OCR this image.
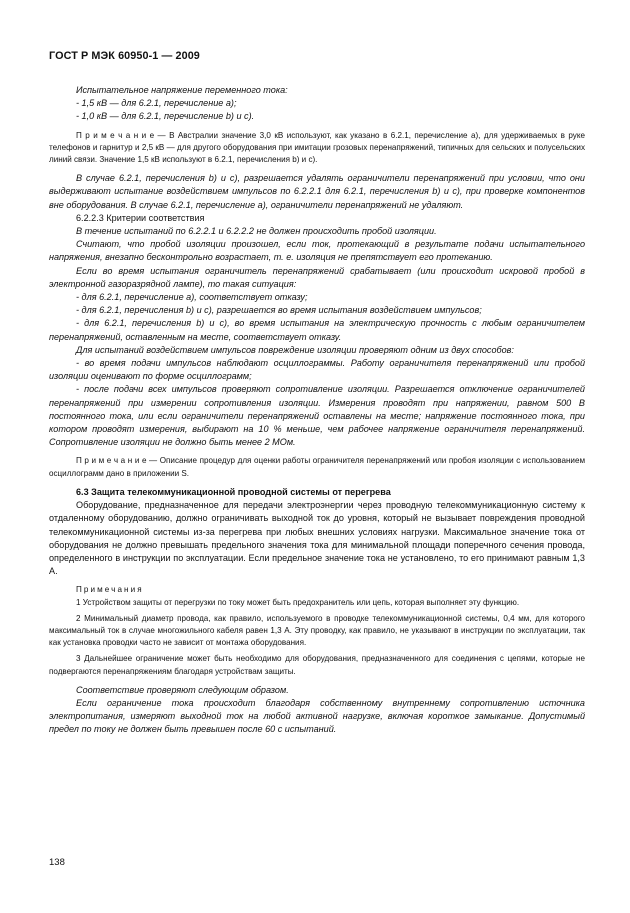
ГОСТ Р МЭК 60950-1 — 2009

Испытательное напряжение переменного тока:

- 1,5 кВ — для 6.2.1, перечисление а);

- 1,0 кВ — для 6.2.1, перечисление b) и с).

П р и м е ч а н и е — В Австралии значение 3,0 кВ используют, как указано в 6.2.1, перечисление а), для удерживаемых в руке телефонов и гарнитур и 2,5 кВ — для другого оборудования при имитации грозовых перенапряжений, типичных для сельских и полусельских линий связи. Значение 1,5 кВ используют в 6.2.1, перечисления b) и с).

В случае 6.2.1, перечисления b) и с), разрешается удалять ограничители перенапряжений при условии, что они выдерживают испытание воздействием импульсов по 6.2.2.1 для 6.2.1, перечисления b) и с), при проверке компонентов вне оборудования. В случае 6.2.1, перечисление а), ограничители перенапряжений не удаляют.

6.2.2.3 Критерии соответствия

В течение испытаний по 6.2.2.1 и 6.2.2.2 не должен происходить пробой изоляции.

Считают, что пробой изоляции произошел, если ток, протекающий в результате подачи испытательного напряжения, внезапно бесконтрольно возрастает, т. е. изоляция не препятствует его протеканию.

Если во время испытания ограничитель перенапряжений срабатывает (или происходит искровой пробой в электронной газоразрядной лампе), то такая ситуация:

- для 6.2.1, перечисление а), соответствует отказу;

- для 6.2.1, перечисления b) и с), разрешается во время испытания воздействием импульсов;

- для 6.2.1, перечисления b) и с), во время испытания на электрическую прочность с любым ограничителем перенапряжений, оставленным на месте, соответствует отказу.

Для испытаний воздействием импульсов повреждение изоляции проверяют одним из двух способов:

- во время подачи импульсов наблюдают осциллограммы. Работу ограничителя перенапряжений или пробой изоляции оценивают по форме осциллограмм;

- после подачи всех импульсов проверяют сопротивление изоляции. Разрешается отключение ограничителей перенапряжений при измерении сопротивления изоляции. Измерения проводят при напряжении, равном 500 В постоянного тока, или если ограничители перенапряжений оставлены на месте; напряжение постоянного тока, при котором проводят измерения, выбирают на 10 % меньше, чем рабочее напряжение ограничителя перенапряжений. Сопротивление изоляции не должно быть менее 2 МОм.

П р и м е ч а н и е — Описание процедур для оценки работы ограничителя перенапряжений или пробоя изоляции с использованием осциллограмм дано в приложении S.

6.3 Защита телекоммуникационной проводной системы от перегрева

Оборудование, предназначенное для передачи электроэнергии через проводную телекоммуникационную систему к отдаленному оборудованию, должно ограничивать выходной ток до уровня, который не вызывает повреждения проводной телекоммуникационной системы из-за перегрева при любых внешних условиях нагрузки. Максимальное значение тока от оборудования не должно превышать предельного значения тока для минимальной площади поперечного сечения провода, определенного в инструкции по эксплуатации. Если предельное значение тока не установлено, то его принимают равным 1,3 А.

Примечания

1 Устройством защиты от перегрузки по току может быть предохранитель или цепь, которая выполняет эту функцию.

2 Минимальный диаметр провода, как правило, используемого в проводке телекоммуникационной системы, 0,4 мм, для которого максимальный ток в случае многожильного кабеля равен 1,3 А. Эту проводку, как правило, не указывают в инструкции по эксплуатации, так как установка проводки часто не зависит от монтажа оборудования.

3 Дальнейшее ограничение может быть необходимо для оборудования, предназначенного для соединения с цепями, которые не подвергаются перенапряжениям благодаря устройствам защиты.

Соответствие проверяют следующим образом.

Если ограничение тока происходит благодаря собственному внутреннему сопротивлению источника электропитания, измеряют выходной ток на любой активной нагрузке, включая короткое замыкание. Допустимый предел по току не должен быть превышен после 60 с испытаний.

138
